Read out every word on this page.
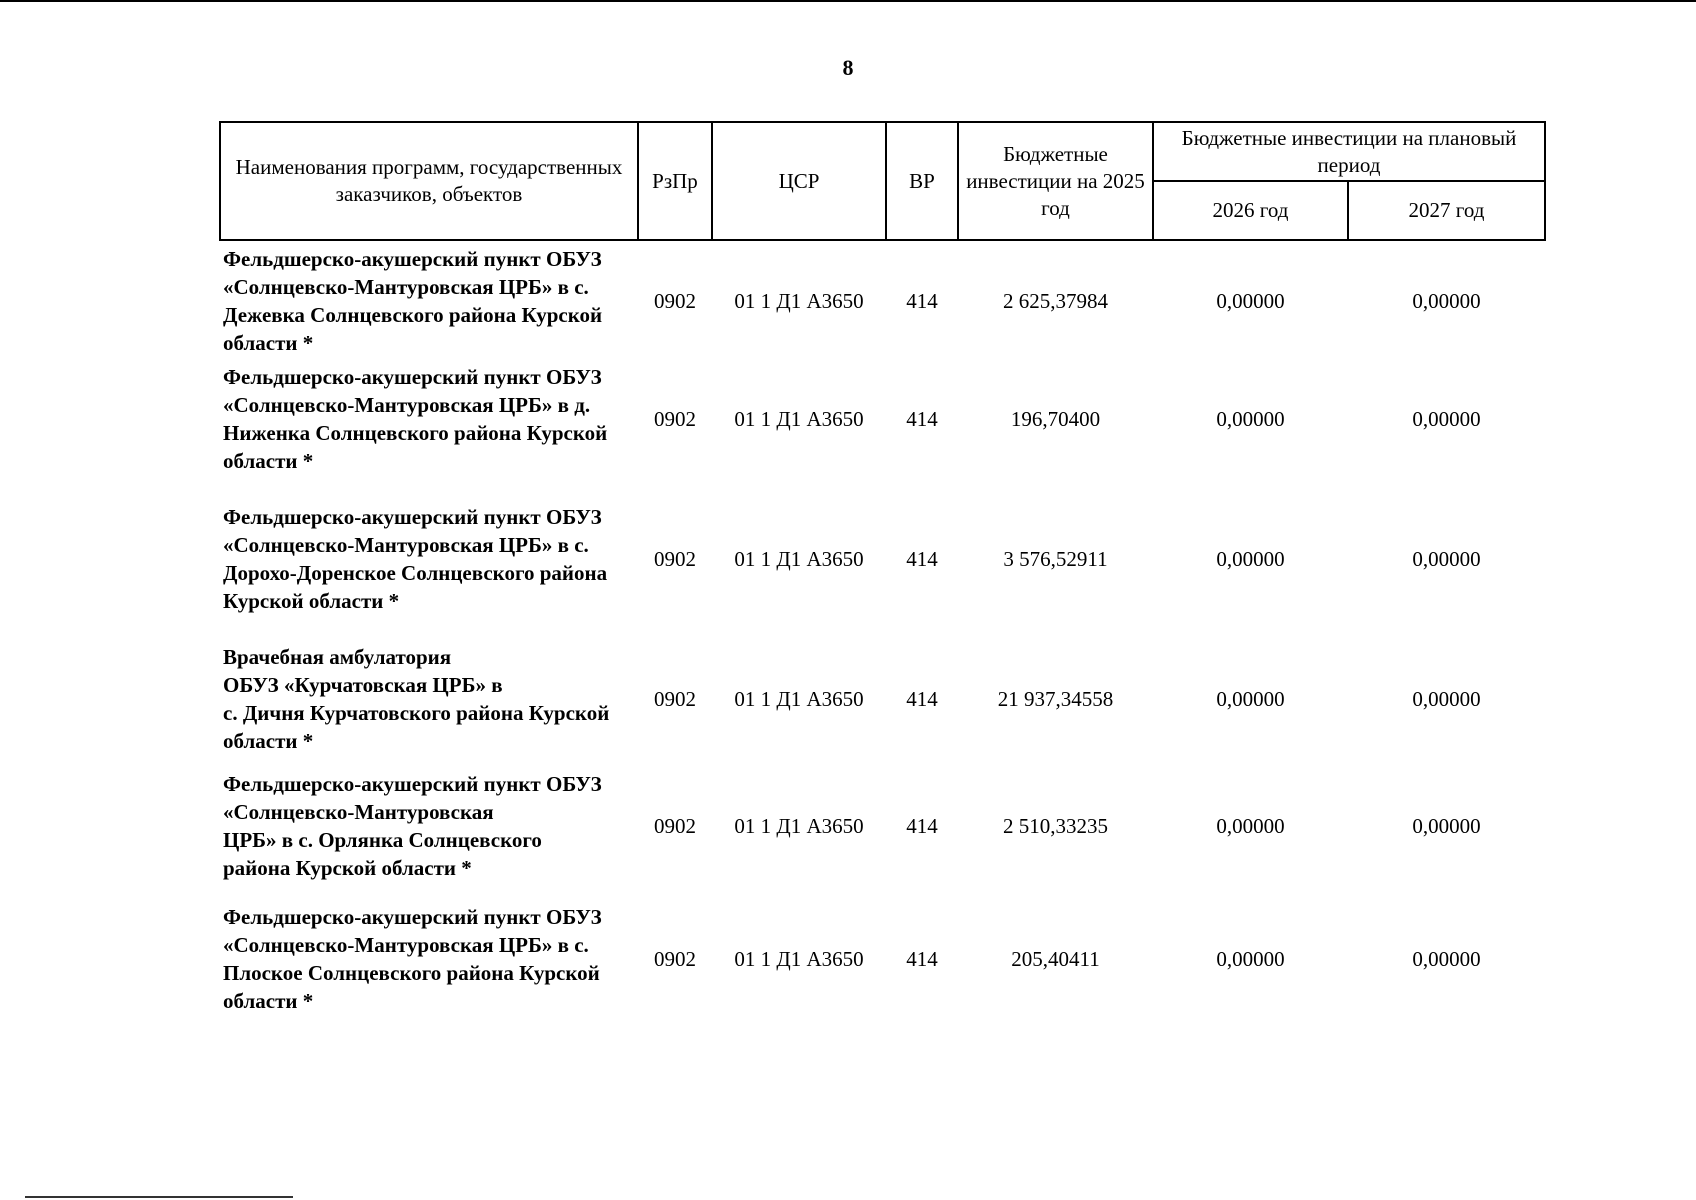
8
Наименования программ, государственных заказчиков, объектов	РзПр	ЦСР	ВР	Бюджетные инвестиции на 2025 год	Бюджетные инвестиции на плановый период	
					2026 год	2027 год

Фельдшерско-акушерский пункт ОБУЗ
«Солнцевско-Мантуровская ЦРБ» в с.
Дежевка Солнцевского района Курской
области *	0902	01 1 Д1 А3650	414	2 625,37984	0,00000	0,00000

Фельдшерско-акушерский пункт ОБУЗ
«Солнцевско-Мантуровская ЦРБ» в д.
Ниженка Солнцевского района Курской
области *	0902	01 1 Д1 А3650	414	196,70400	0,00000	0,00000

Фельдшерско-акушерский пункт ОБУЗ
«Солнцевско-Мантуровская ЦРБ» в с.
Дорохо-Доренское Солнцевского района
Курской области *	0902	01 1 Д1 А3650	414	3 576,52911	0,00000	0,00000

Врачебная амбулатория
ОБУЗ «Курчатовская ЦРБ» в
с. Дичня Курчатовского района Курской
области *	0902	01 1 Д1 А3650	414	21 937,34558	0,00000	0,00000

Фельдшерско-акушерский пункт ОБУЗ
«Солнцевско-Мантуровская
ЦРБ» в с. Орлянка Солнцевского
района Курской области *	0902	01 1 Д1 А3650	414	2 510,33235	0,00000	0,00000

Фельдшерско-акушерский пункт ОБУЗ
«Солнцевско-Мантуровская ЦРБ» в с.
Плоское Солнцевского района Курской
области *	0902	01 1 Д1 А3650	414	205,40411	0,00000	0,00000
